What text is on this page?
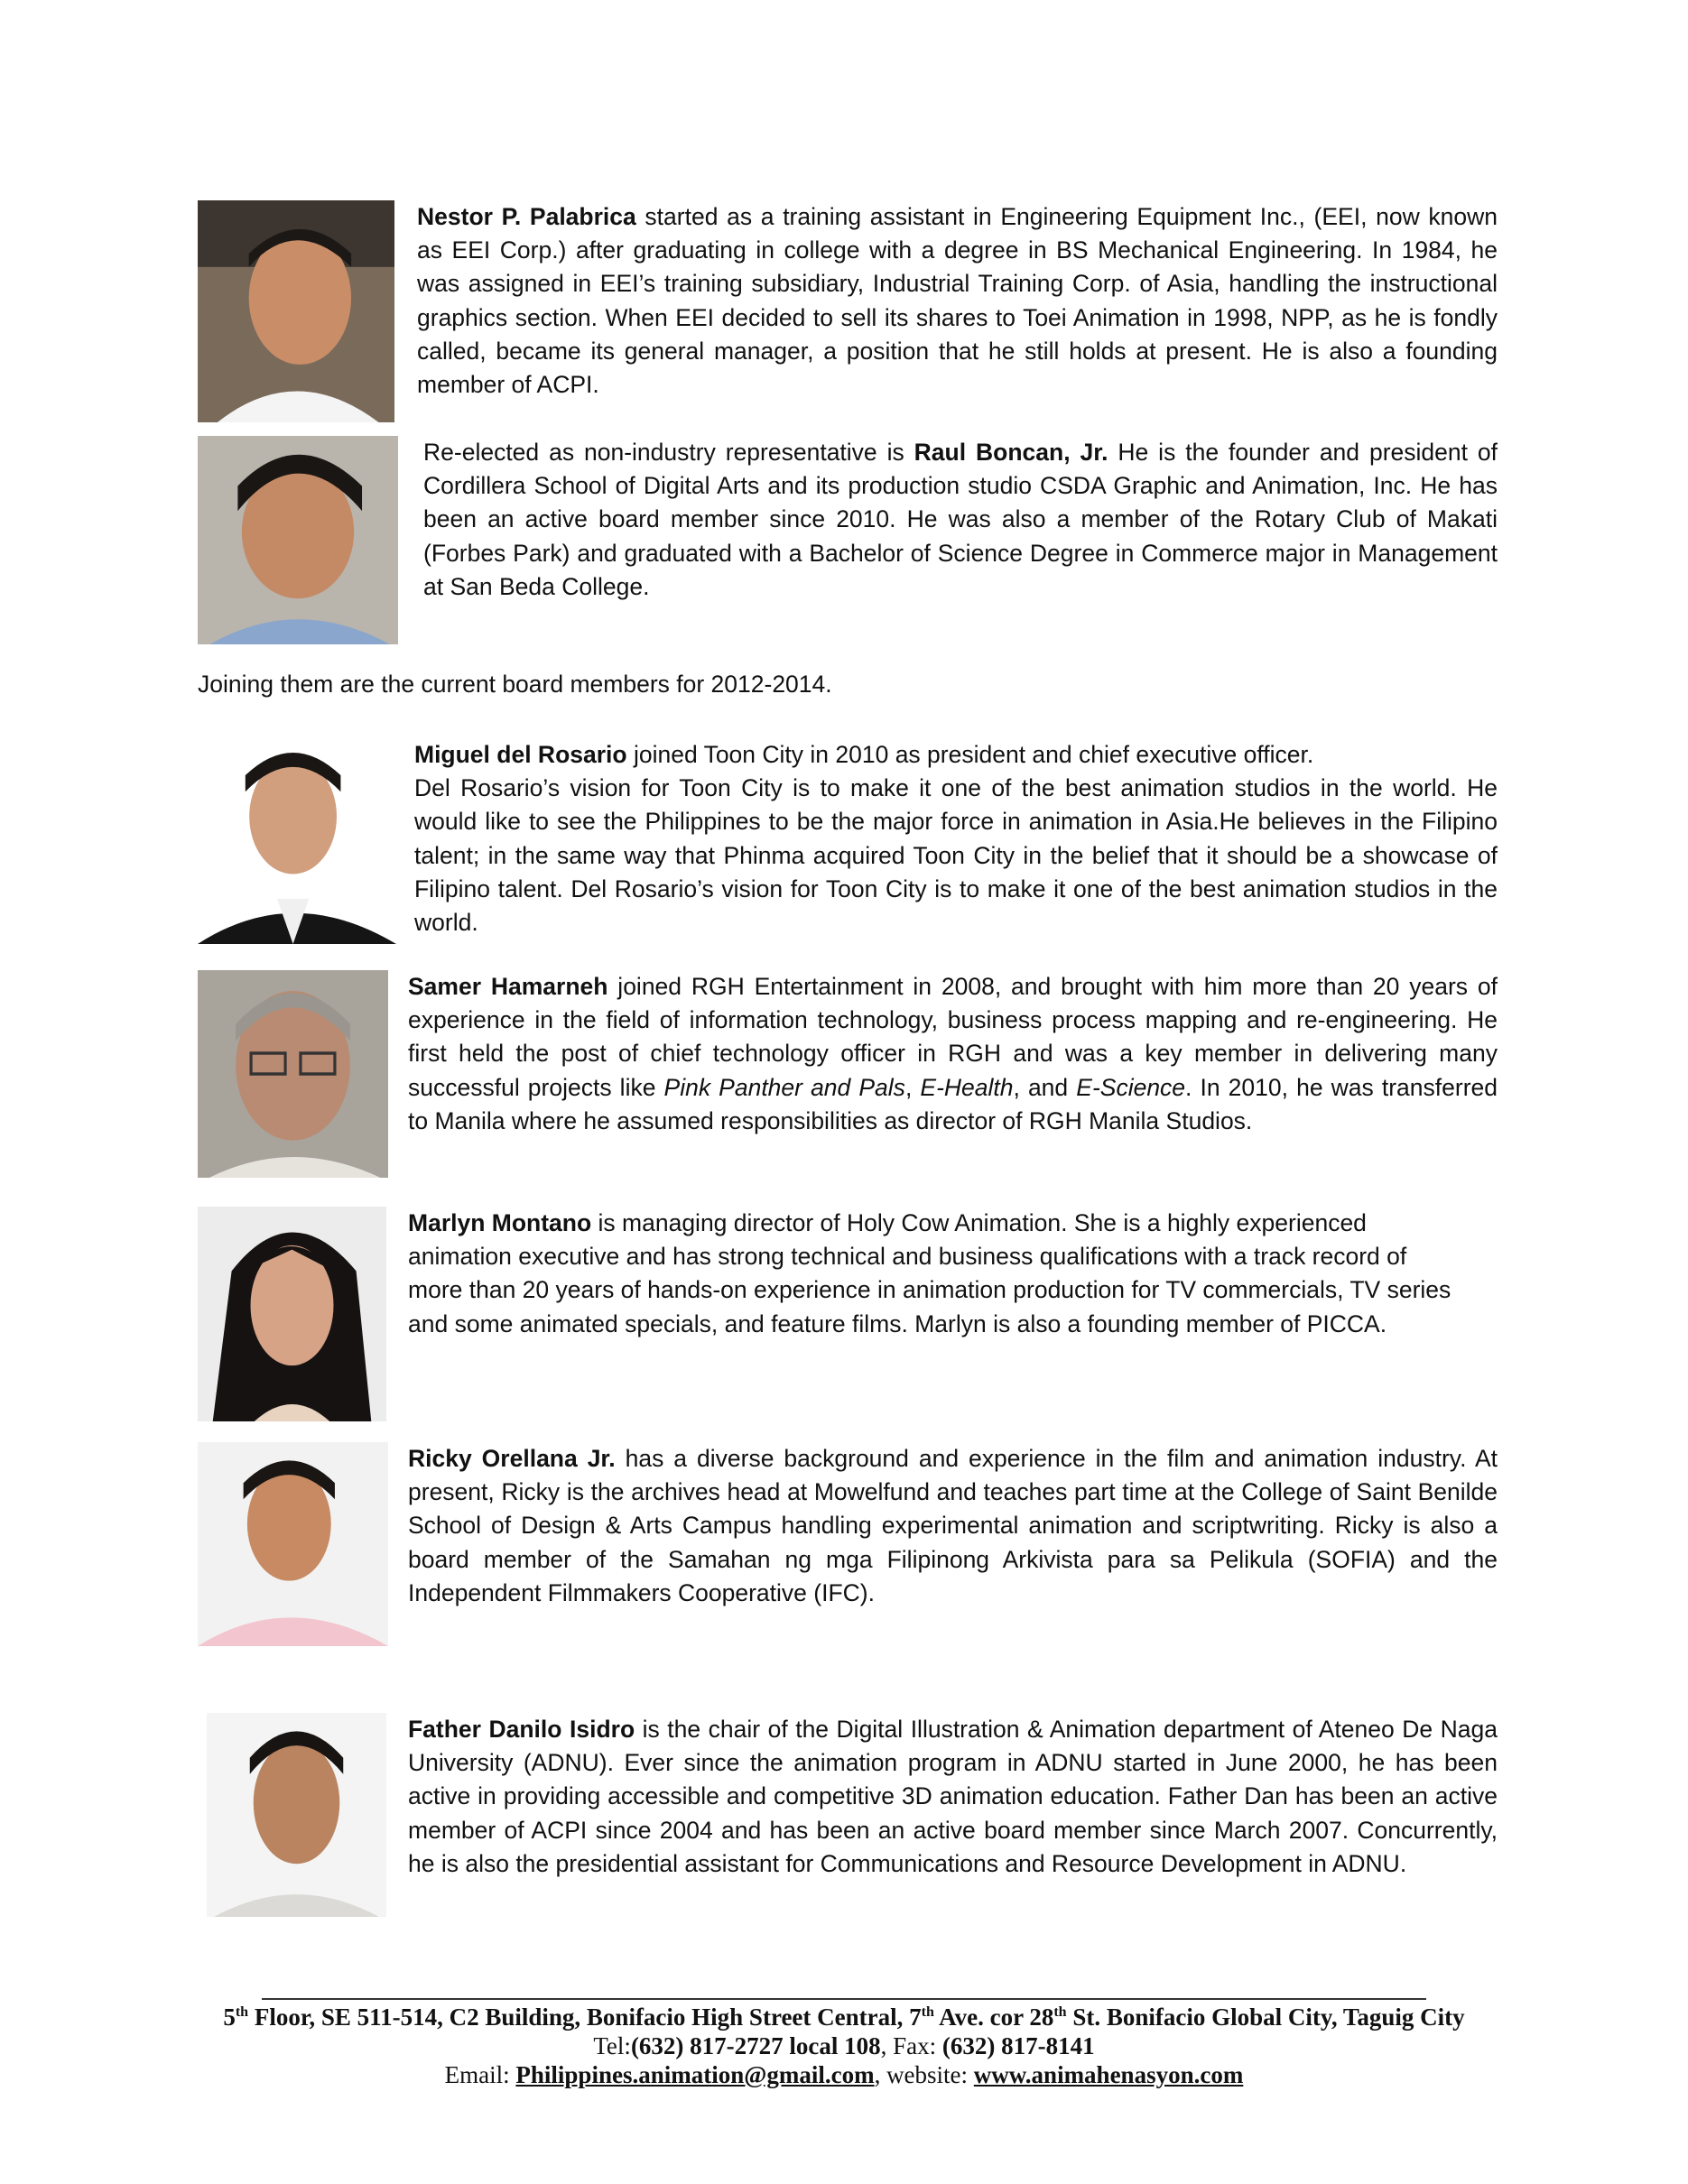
Nestor P. Palabrica started as a training assistant in Engineering Equipment Inc., (EEI, now known as EEI Corp.) after graduating in college with a degree in BS Mechanical Engineering. In 1984, he was assigned in EEI’s training subsidiary, Industrial Training Corp. of Asia, handling the instructional graphics section. When EEI decided to sell its shares to Toei Animation in 1998, NPP, as he is fondly called, became its general manager, a position that he still holds at present. He is also a founding member of ACPI.
Re-elected as non-industry representative is Raul Boncan, Jr. He is the founder and president of Cordillera School of Digital Arts and its production studio CSDA Graphic and Animation, Inc. He has been an active board member since 2010. He was also a member of the Rotary Club of Makati (Forbes Park) and graduated with a Bachelor of Science Degree in Commerce major in Management at San Beda College.
Joining them are the current board members for 2012-2014.
Miguel del Rosario joined Toon City in 2010 as president and chief executive officer.
Del Rosario’s vision for Toon City is to make it one of the best animation studios in the world. He would like to see the Philippines to be the major force in animation in Asia.He believes in the Filipino talent; in the same way that Phinma acquired Toon City in the belief that it should be a showcase of Filipino talent. Del Rosario’s vision for Toon City is to make it one of the best animation studios in the world.
Samer Hamarneh joined RGH Entertainment in 2008, and brought with him more than 20 years of experience in the field of information technology, business process mapping and re-engineering. He first held the post of chief technology officer in RGH and was a key member in delivering many successful projects like Pink Panther and Pals, E-Health, and E-Science. In 2010, he was transferred to Manila where he assumed responsibilities as director of RGH Manila Studios.
Marlyn Montano is managing director of Holy Cow Animation. She is a highly experienced animation executive and has strong technical and business qualifications with a track record of more than 20 years of hands-on experience in animation production for TV commercials, TV series and some animated specials, and feature films. Marlyn is also a founding member of PICCA.
Ricky Orellana Jr. has a diverse background and experience in the film and animation industry. At present, Ricky is the archives head at Mowelfund and teaches part time at the College of Saint Benilde School of Design & Arts Campus handling experimental animation and scriptwriting. Ricky is also a board member of the Samahan ng mga Filipinong Arkivista para sa Pelikula (SOFIA) and the Independent Filmmakers Cooperative (IFC).
Father Danilo Isidro is the chair of the Digital Illustration & Animation department of Ateneo De Naga University (ADNU). Ever since the animation program in ADNU started in June 2000, he has been active in providing accessible and competitive 3D animation education. Father Dan has been an active member of ACPI since 2004 and has been an active board member since March 2007. Concurrently, he is also the presidential assistant for Communications and Resource Development in ADNU.
5th Floor, SE 511-514, C2 Building, Bonifacio High Street Central, 7th Ave. cor 28th St. Bonifacio Global City, Taguig City
Tel:(632) 817-2727 local 108, Fax: (632) 817-8141
Email: Philippines.animation@gmail.com, website: www.animahenasyon.com
